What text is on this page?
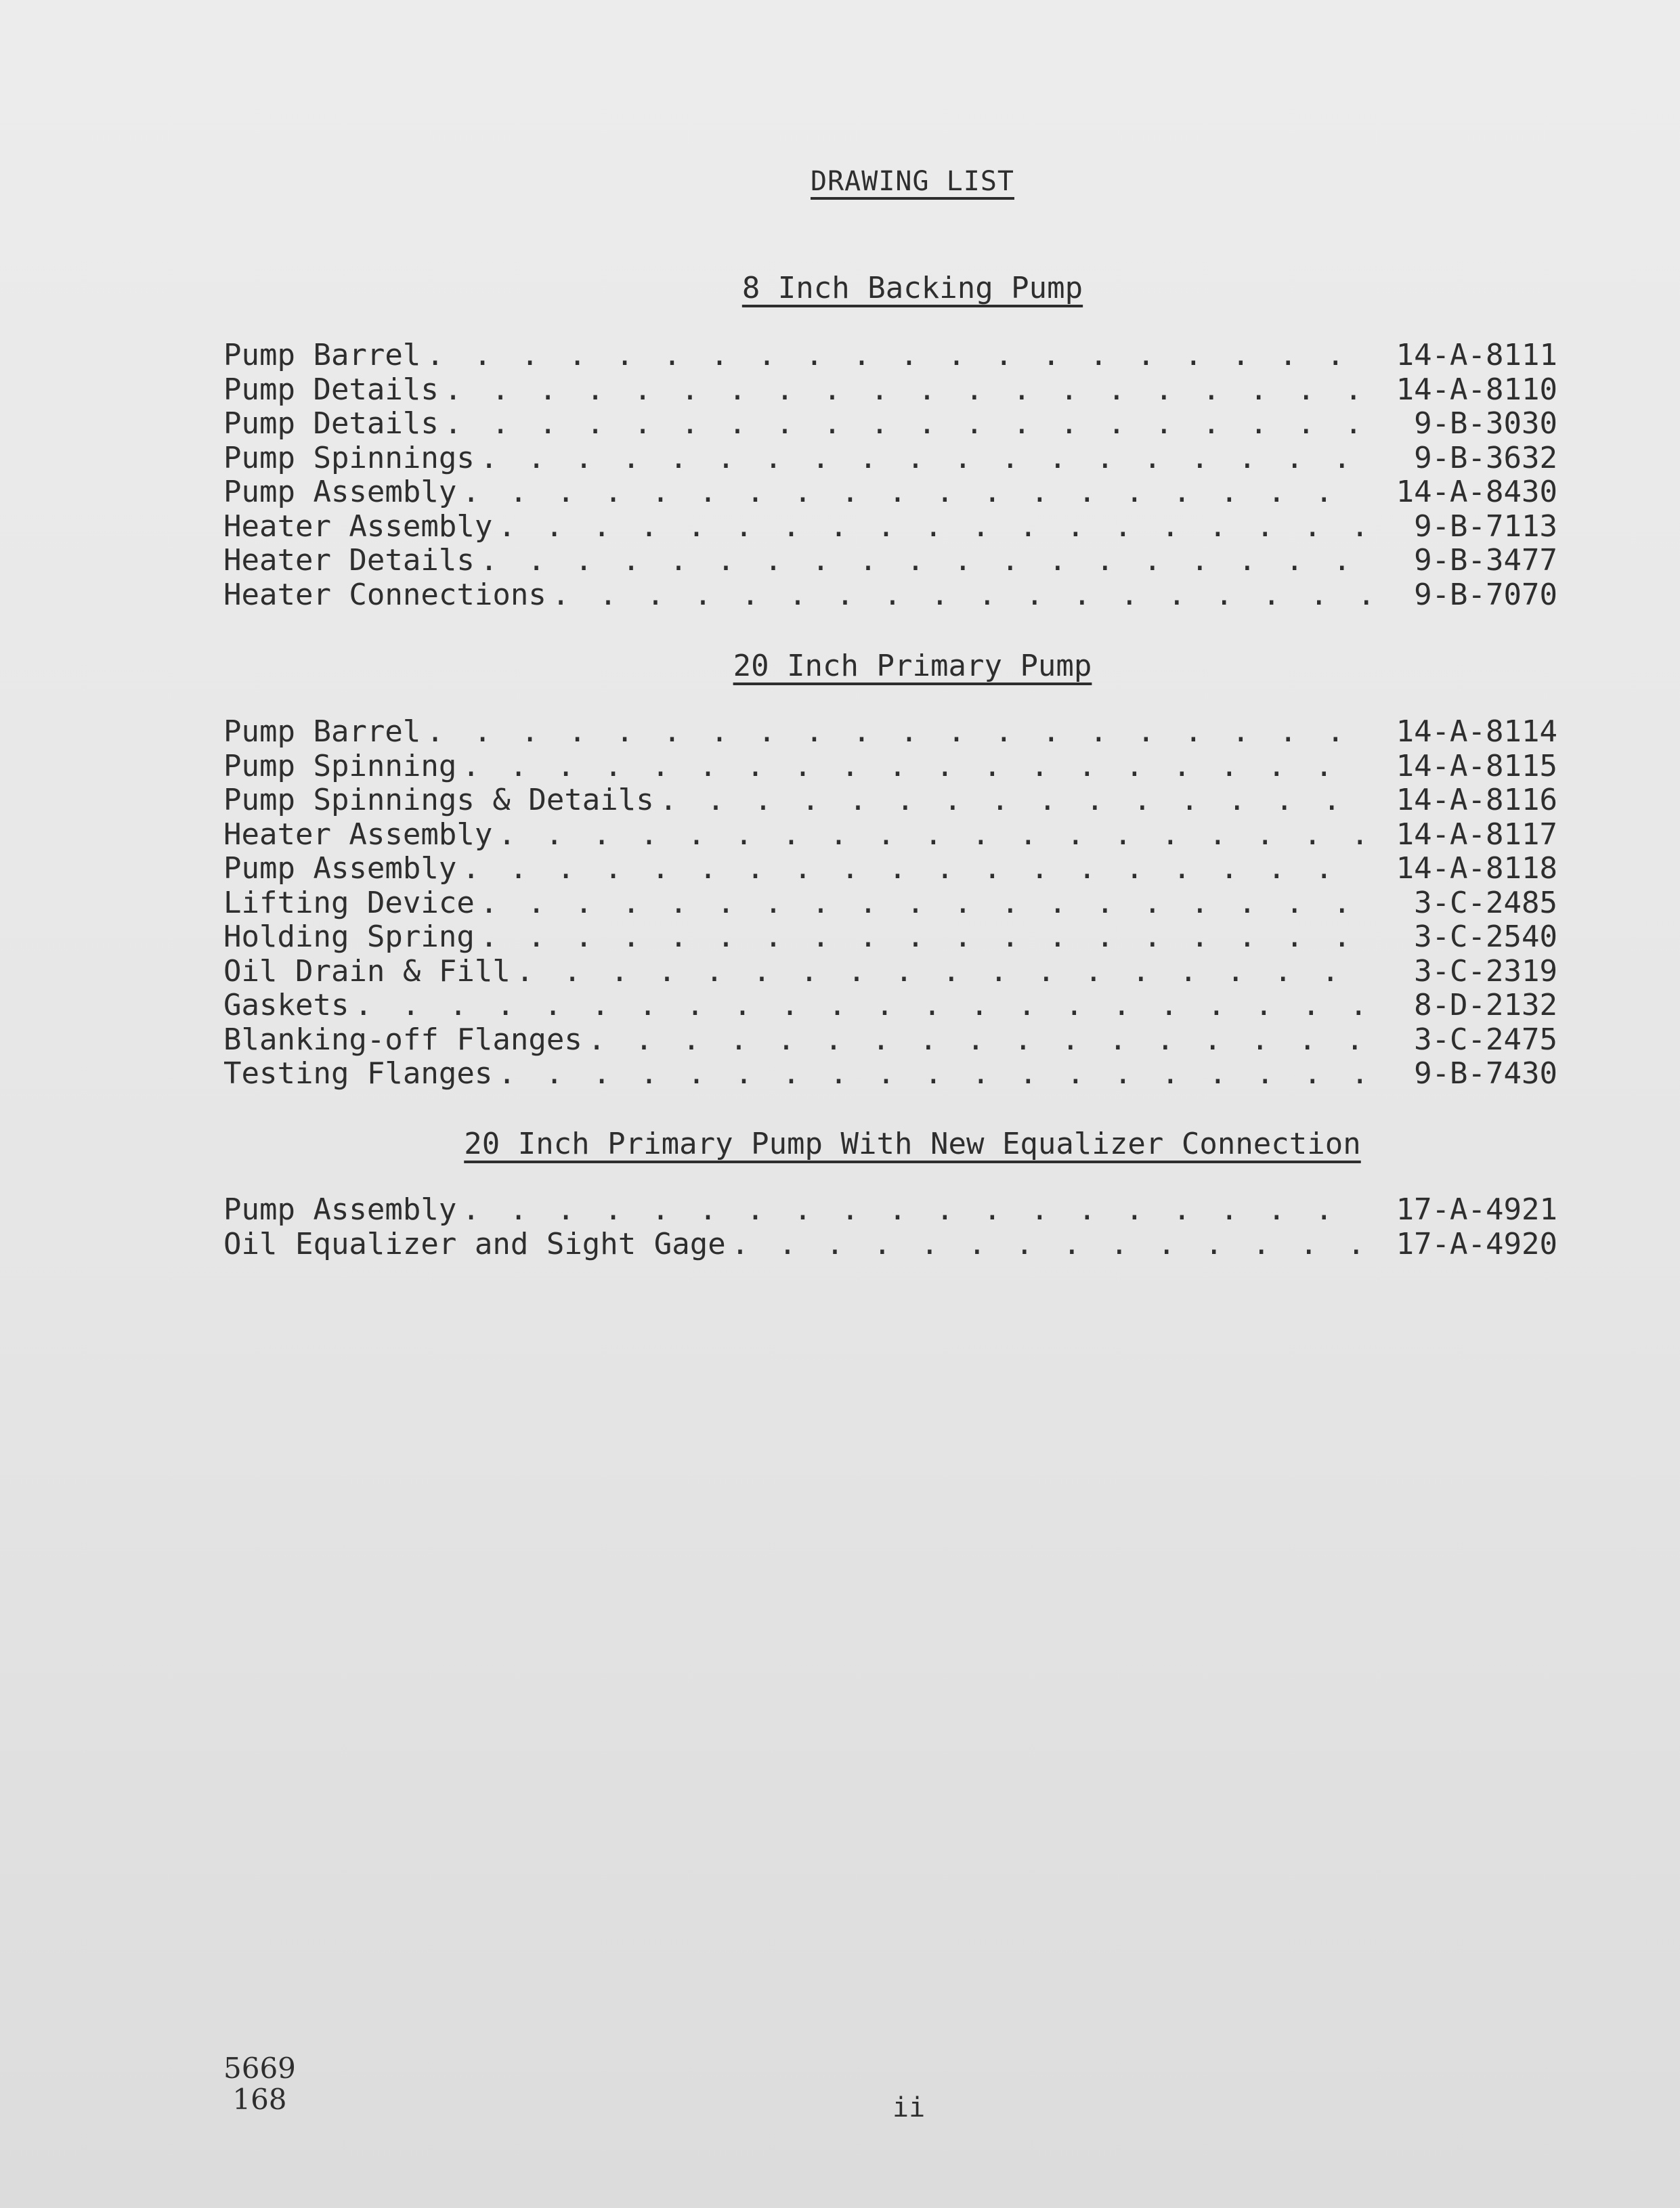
DRAWING LIST
8 Inch Backing Pump
Pump Barrel . . .	14-A-8111
Pump Details . . .	14-A-8110
Pump Details . . .	9-B-3030
Pump Spinnings . . .	9-B-3632
Pump Assembly . . .	14-A-8430
Heater Assembly . . .	9-B-7113
Heater Details . . .	9-B-3477
Heater Connections . . .	9-B-7070
20 Inch Primary Pump
Pump Barrel . . .	14-A-8114
Pump Spinning . . .	14-A-8115
Pump Spinnings & Details . . .	14-A-8116
Heater Assembly . . .	14-A-8117
Pump Assembly . . .	14-A-8118
Lifting Device . . .	3-C-2485
Holding Spring . . .	3-C-2540
Oil Drain & Fill . . .	3-C-2319
Gaskets . . .	8-D-2132
Blanking-off Flanges . . .	3-C-2475
Testing Flanges . . .	9-B-7430
20 Inch Primary Pump With New Equalizer Connection
Pump Assembly . . .	17-A-4921
Oil Equalizer and Sight Gage . . .	17-A-4920
5669
168	ii
